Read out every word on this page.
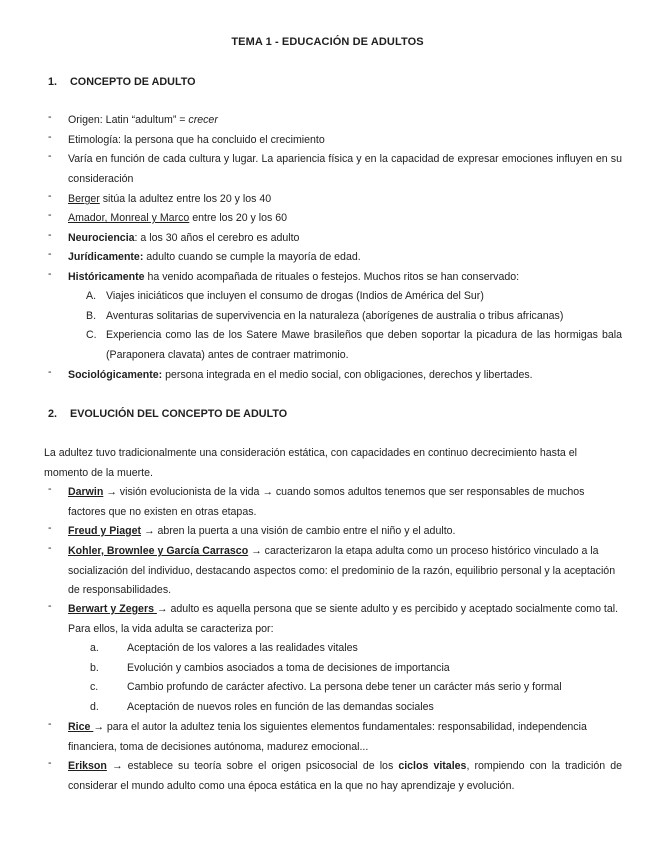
TEMA 1 - EDUCACIÓN DE ADULTOS
1. CONCEPTO DE ADULTO
- Origen: Latin “adultum” = crecer
- Etimología: la persona que ha concluido el crecimiento
- Varía en función de cada cultura y lugar. La apariencia física y en la capacidad de expresar emociones influyen en su consideración
- Berger sitúa la adultez entre los 20 y los 40
- Amador, Monreal y Marco entre los 20 y los 60
- Neurociencia: a los 30 años el cerebro es adulto
- Jurídicamente: adulto cuando se cumple la mayoría de edad.
- Históricamente ha venido acompañada de rituales o festejos. Muchos ritos se han conservado:
A. Viajes iniciáticos que incluyen el consumo de drogas (Indios de América del Sur)
B. Aventuras solitarias de supervivencia en la naturaleza (aborígenes de australia o tribus africanas)
C. Experiencia como las de los Satere Mawe brasileños que deben soportar la picadura de las hormigas bala (Paraponera clavata) antes de contraer matrimonio.
- Sociológicamente: persona integrada en el medio social, con obligaciones, derechos y libertades.
2. EVOLUCIÓN DEL CONCEPTO DE ADULTO
La adultez tuvo tradicionalmente una consideración estática, con capacidades en continuo decrecimiento hasta el momento de la muerte.
- Darwin → visión evolucionista de la vida → cuando somos adultos tenemos que ser responsables de muchos factores que no existen en otras etapas.
- Freud y Piaget → abren la puerta a una visión de cambio entre el niño y el adulto.
- Kohler, Brownlee y García Carrasco → caracterizaron la etapa adulta como un proceso histórico vinculado a la socialización del individuo, destacando aspectos como: el predominio de la razón, equilibrio personal y la aceptación de responsabilidades.
- Berwart y Zegers → adulto es aquella persona que se siente adulto y es percibido y aceptado socialmente como tal. Para ellos, la vida adulta se caracteriza por:
a.	Aceptación de los valores a las realidades vitales
b.	Evolución y cambios asociados a toma de decisiones de importancia
c.	Cambio profundo de carácter afectivo. La persona debe tener un carácter más serio y formal
d.	Aceptación de nuevos roles en función de las demandas sociales
- Rice → para el autor la adultez tenia los siguientes elementos fundamentales: responsabilidad, independencia financiera, toma de decisiones autónoma, madurez emocional...
- Erikson → establece su teoría sobre el origen psicosocial de los ciclos vitales, rompiendo con la tradición de considerar el mundo adulto como una época estática en la que no hay aprendizaje y evolución.
